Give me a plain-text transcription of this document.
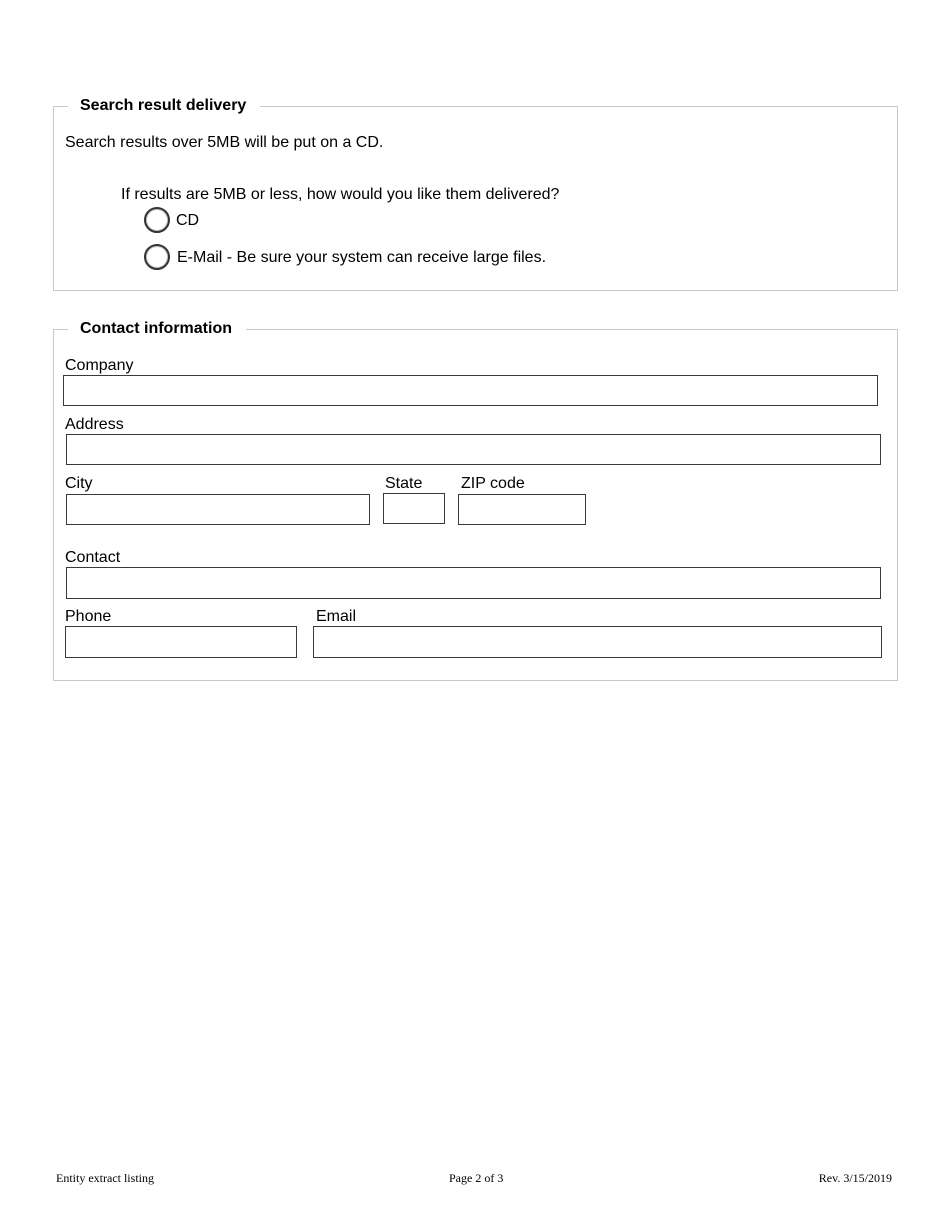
Search result delivery
Search results over 5MB will be put on a CD.
If results are 5MB or less, how would you like them delivered?
CD
E-Mail - Be sure your system can receive large files.
Contact information
Company
Address
City	State ZIP code
Contact
Phone	Email
Entity extract listing	Page 2 of 3	Rev. 3/15/2019
